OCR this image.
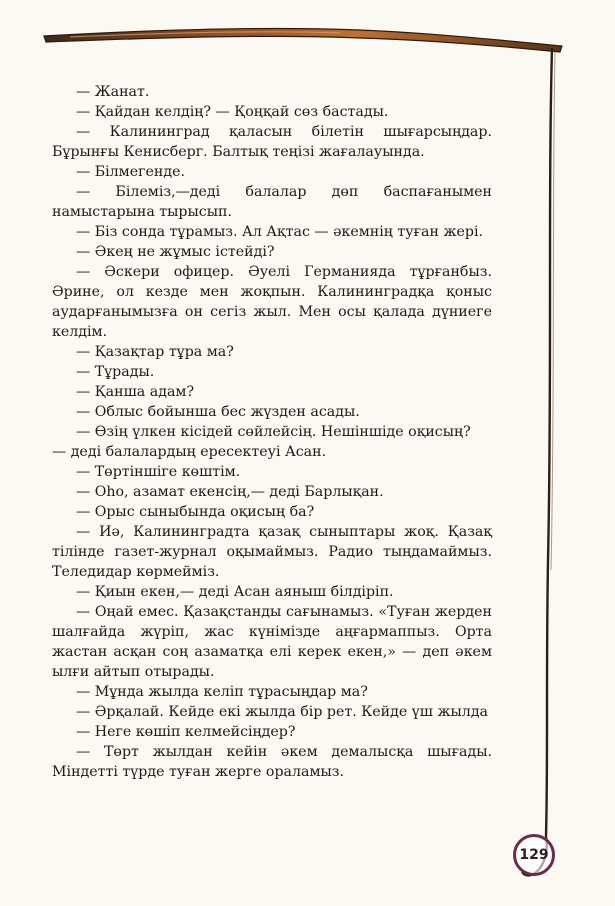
— Жанат.

— Қайдан келдің? — Қоңқай сөз бастады.

— Калининград қаласын білетін шығарсыңдар. Бұрынғы Кенисберг. Балтық теңізі жағалауында.

— Білмегенде.

— Білеміз,—деді балалар дөп баспағанымен намыстарына тырысып.

— Біз сонда тұрамыз. Ал Ақтас — әкемнің туған жері.

— Әкең не жұмыс істейді?

— Әскери офицер. Әуелі Германияда тұрғанбыз. Әрине, ол кезде мен жоқпын. Калининградқа қоныс аударғанымызға он сегіз жыл. Мен осы қалада дүниеге келдім.

— Қазақтар тұра ма?

— Тұрады.

— Қанша адам?

— Облыс бойынша бес жүзден асады.

— Өзің үлкен кісідей сөйлейсің. Нешіншіде оқисың?

— деді балалардың ересектеуі Асан.

— Төртіншіге көштім.

— Оһо, азамат екенсің,— деді Барлықан.

— Орыс сыныбында оқисың ба?

— Иә, Калининградта қазақ сыныптары жоқ. Қазақ тілінде газет-журнал оқымаймыз. Радио тыңдамаймыз. Теледидар көрмейміз.

— Қиын екен,— деді Асан аяныш білдіріп.

— Оңай емес. Қазақстанды сағынамыз. «Туған жерден шалғайда жүріп, жас күнімізде аңғармаппыз. Орта жастан асқан соң азаматқа елі керек екен,» — деп әкем ылғи айтып отырады.

— Мұнда жылда келіп тұрасыңдар ма?

— Әрқалай. Кейде екі жылда бір рет. Кейде үш жылда

— Неге көшіп келмейсіңдер?

— Төрт жылдан кейін әкем демалысқа шығады. Міндетті түрде туған жерге ораламыз.

129
